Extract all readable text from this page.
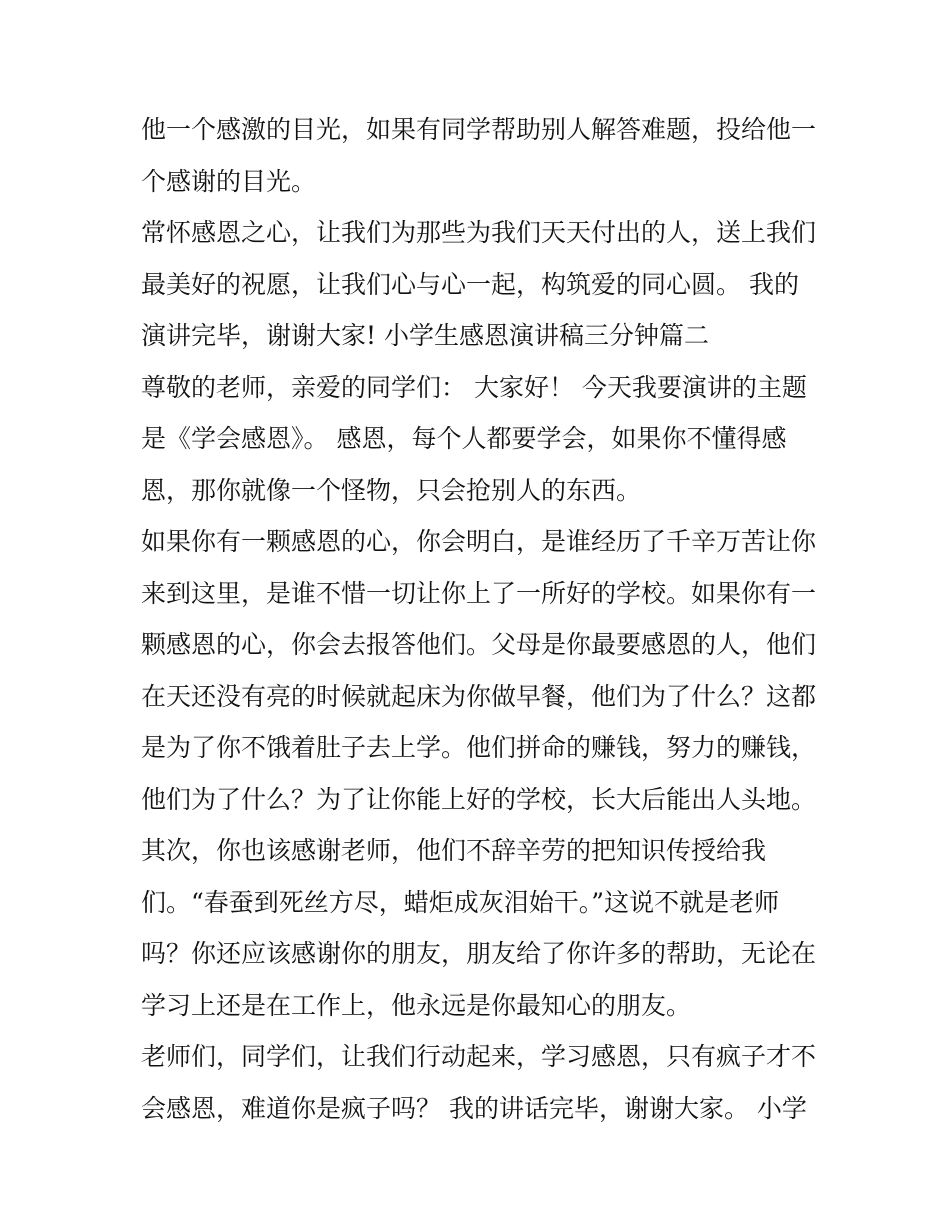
他一个感激的目光，如果有同学帮助别人解答难题，投给他一
个感谢的目光。
常怀感恩之心，让我们为那些为我们天天付出的人，送上我们
最美好的祝愿，让我们心与心一起，构筑爱的同心圆。 我的
演讲完毕，谢谢大家! 小学生感恩演讲稿三分钟篇二
尊敬的老师，亲爱的同学们： 大家好！ 今天我要演讲的主题
是《学会感恩》。 感恩，每个人都要学会，如果你不懂得感
恩，那你就像一个怪物，只会抢别人的东西。
如果你有一颗感恩的心，你会明白，是谁经历了千辛万苦让你
来到这里，是谁不惜一切让你上了一所好的学校。如果你有一
颗感恩的心，你会去报答他们。父母是你最要感恩的人，他们
在天还没有亮的时候就起床为你做早餐，他们为了什么？这都
是为了你不饿着肚子去上学。他们拼命的赚钱，努力的赚钱，
他们为了什么？为了让你能上好的学校，长大后能出人头地。
其次，你也该感谢老师，他们不辞辛劳的把知识传授给我
们。“春蚕到死丝方尽，蜡炬成灰泪始干。”这说不就是老师
吗？你还应该感谢你的朋友，朋友给了你许多的帮助，无论在
学习上还是在工作上，他永远是你最知心的朋友。
老师们，同学们，让我们行动起来，学习感恩，只有疯子才不
会感恩，难道你是疯子吗？ 我的讲话完毕，谢谢大家。 小学
